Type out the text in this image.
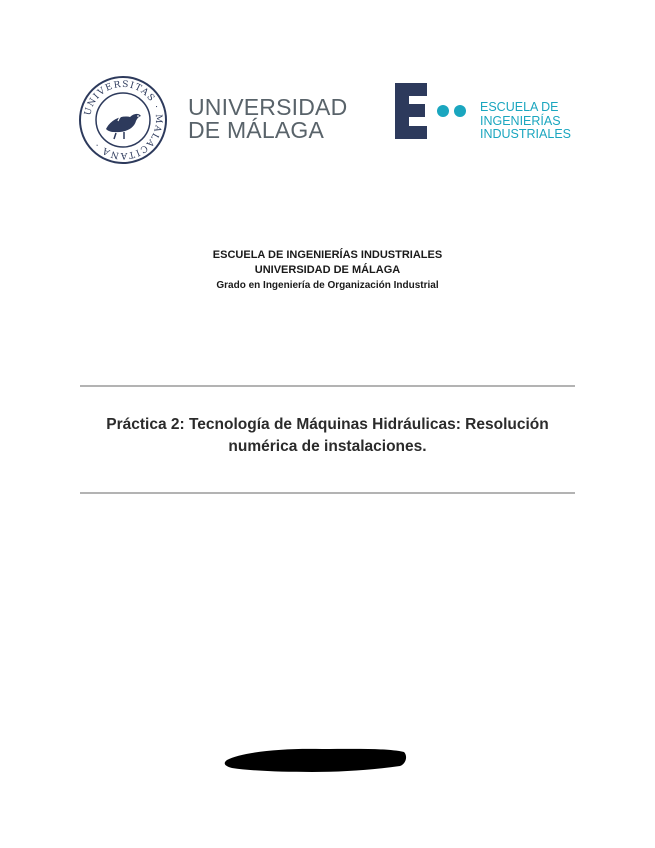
UNIVERSITAS · MALACITANA ·
UNIVERSIDAD
DE MÁLAGA
ESCUELA DE
INGENIERÍAS
INDUSTRIALES
ESCUELA DE INGENIERÍAS INDUSTRIALES
UNIVERSIDAD DE MÁLAGA
Grado en Ingeniería de Organización Industrial
Práctica 2: Tecnología de Máquinas Hidráulicas: Resolución numérica de instalaciones.
